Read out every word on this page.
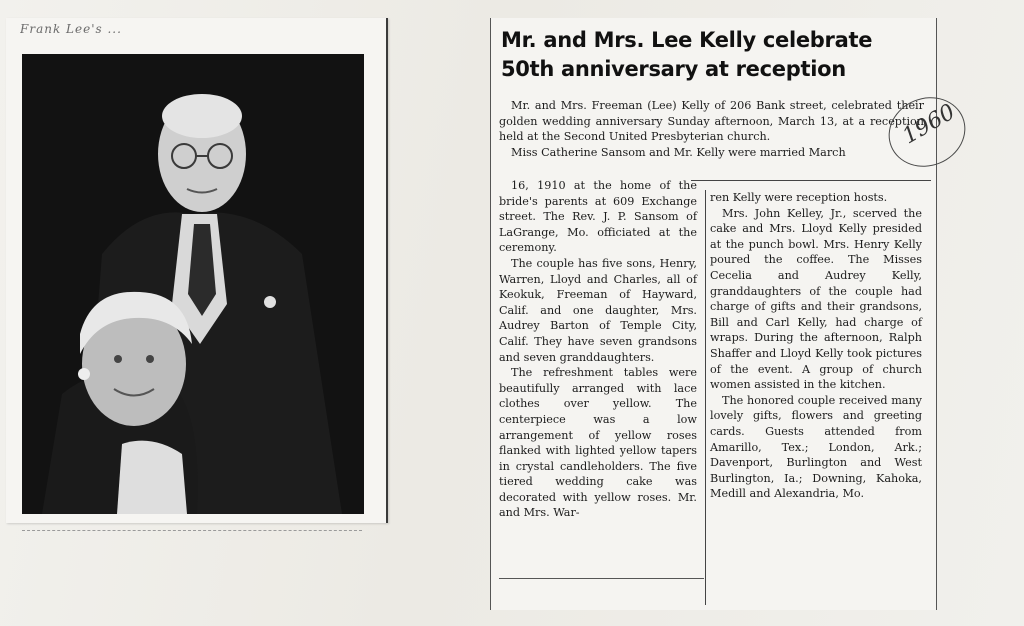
Frank Lee's ...	Mr. and Mrs. Lee Kelly celebrate
50th anniversary at reception

Mr. and Mrs. Freeman (Lee) Kelly of 206 Bank street, celebrated their golden wedding anniversary Sunday afternoon, March 13, at a reception held at the Second United Presbyterian church.

Miss Catherine Sansom and Mr. Kelly were married March

16, 1910 at the home of the bride's parents at 609 Exchange street. The Rev. J. P. Sansom of LaGrange, Mo. officiated at the ceremony.

The couple has five sons, Henry, Warren, Lloyd and Charles, all of Keokuk, Freeman of Hayward, Calif. and one daughter, Mrs. Audrey Barton of Temple City, Calif. They have seven grandsons and seven granddaughters.

The refreshment tables were beautifully arranged with lace clothes over yellow. The centerpiece was a low arrangement of yellow roses flanked with lighted yellow tapers in crystal candleholders. The five tiered wedding cake was decorated with yellow roses. Mr. and Mrs. War-

ren Kelly were reception hosts.

Mrs. John Kelley, Jr., scerved the cake and Mrs. Lloyd Kelly presided at the punch bowl. Mrs. Henry Kelly poured the coffee. The Misses Cecelia and Audrey Kelly, granddaughters of the couple had charge of gifts and their grandsons, Bill and Carl Kelly, had charge of wraps. During the afternoon, Ralph Shaffer and Lloyd Kelly took pictures of the event. A group of church women assisted in the kitchen.

The honored couple received many lovely gifts, flowers and greeting cards. Guests attended from Amarillo, Tex.; London, Ark.; Davenport, Burlington and West Burlington, Ia.; Downing, Kahoka, Medill and Alexandria, Mo.

1960
